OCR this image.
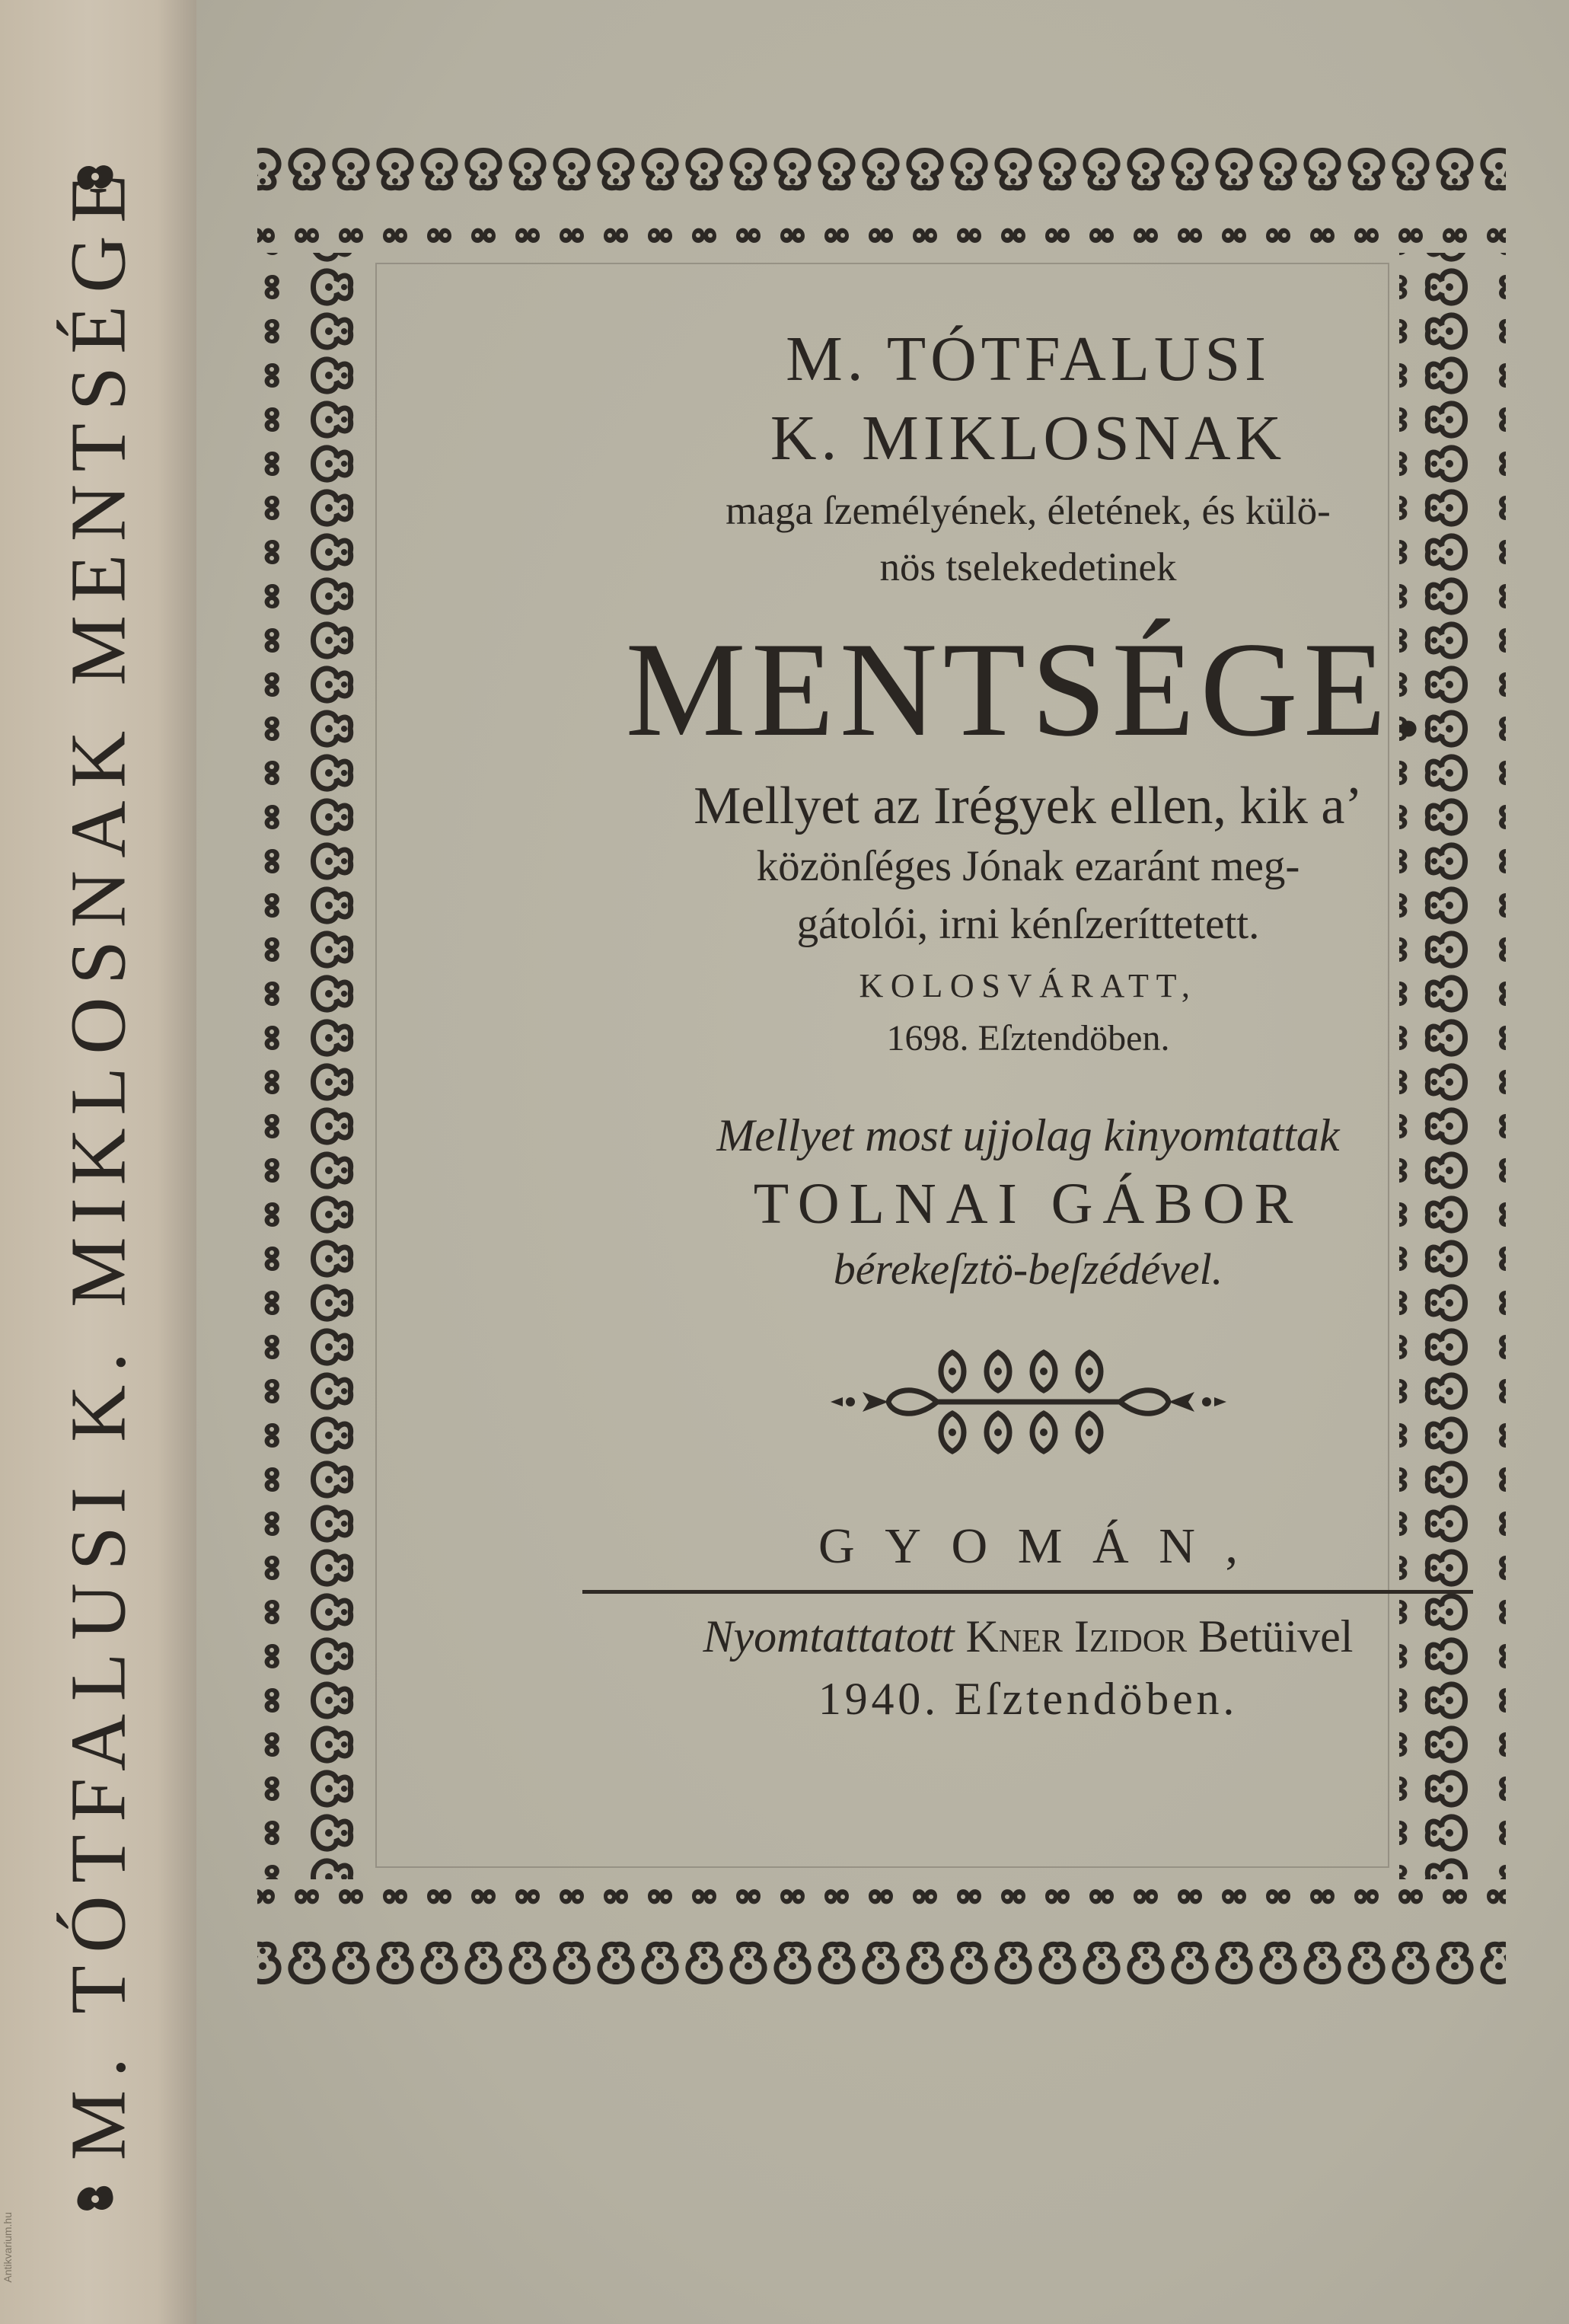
M. TÓTFALUSI K. MIKLOSNAK MENTSÉGE
Antikvarium.hu
M. TÓTFALUSI
K. MIKLOSNAK
maga ſzemélyének, életének, és külö-
nös tselekedetinek
MENTSÉGE.
Mellyet az Irégyek ellen, kik a’
közönſéges Jónak ezaránt meg-
gátolói, irni kénſzeríttetett.
KOLOSVÁRATT,
1698. Eſztendöben.
Mellyet most ujjolag kinyomtattak
TOLNAI GÁBOR
bérekeſztö-beſzédével.
GYOMÁN,
Nyomtattatott Kner Izidor Betüivel
1940. Eſztendöben.
